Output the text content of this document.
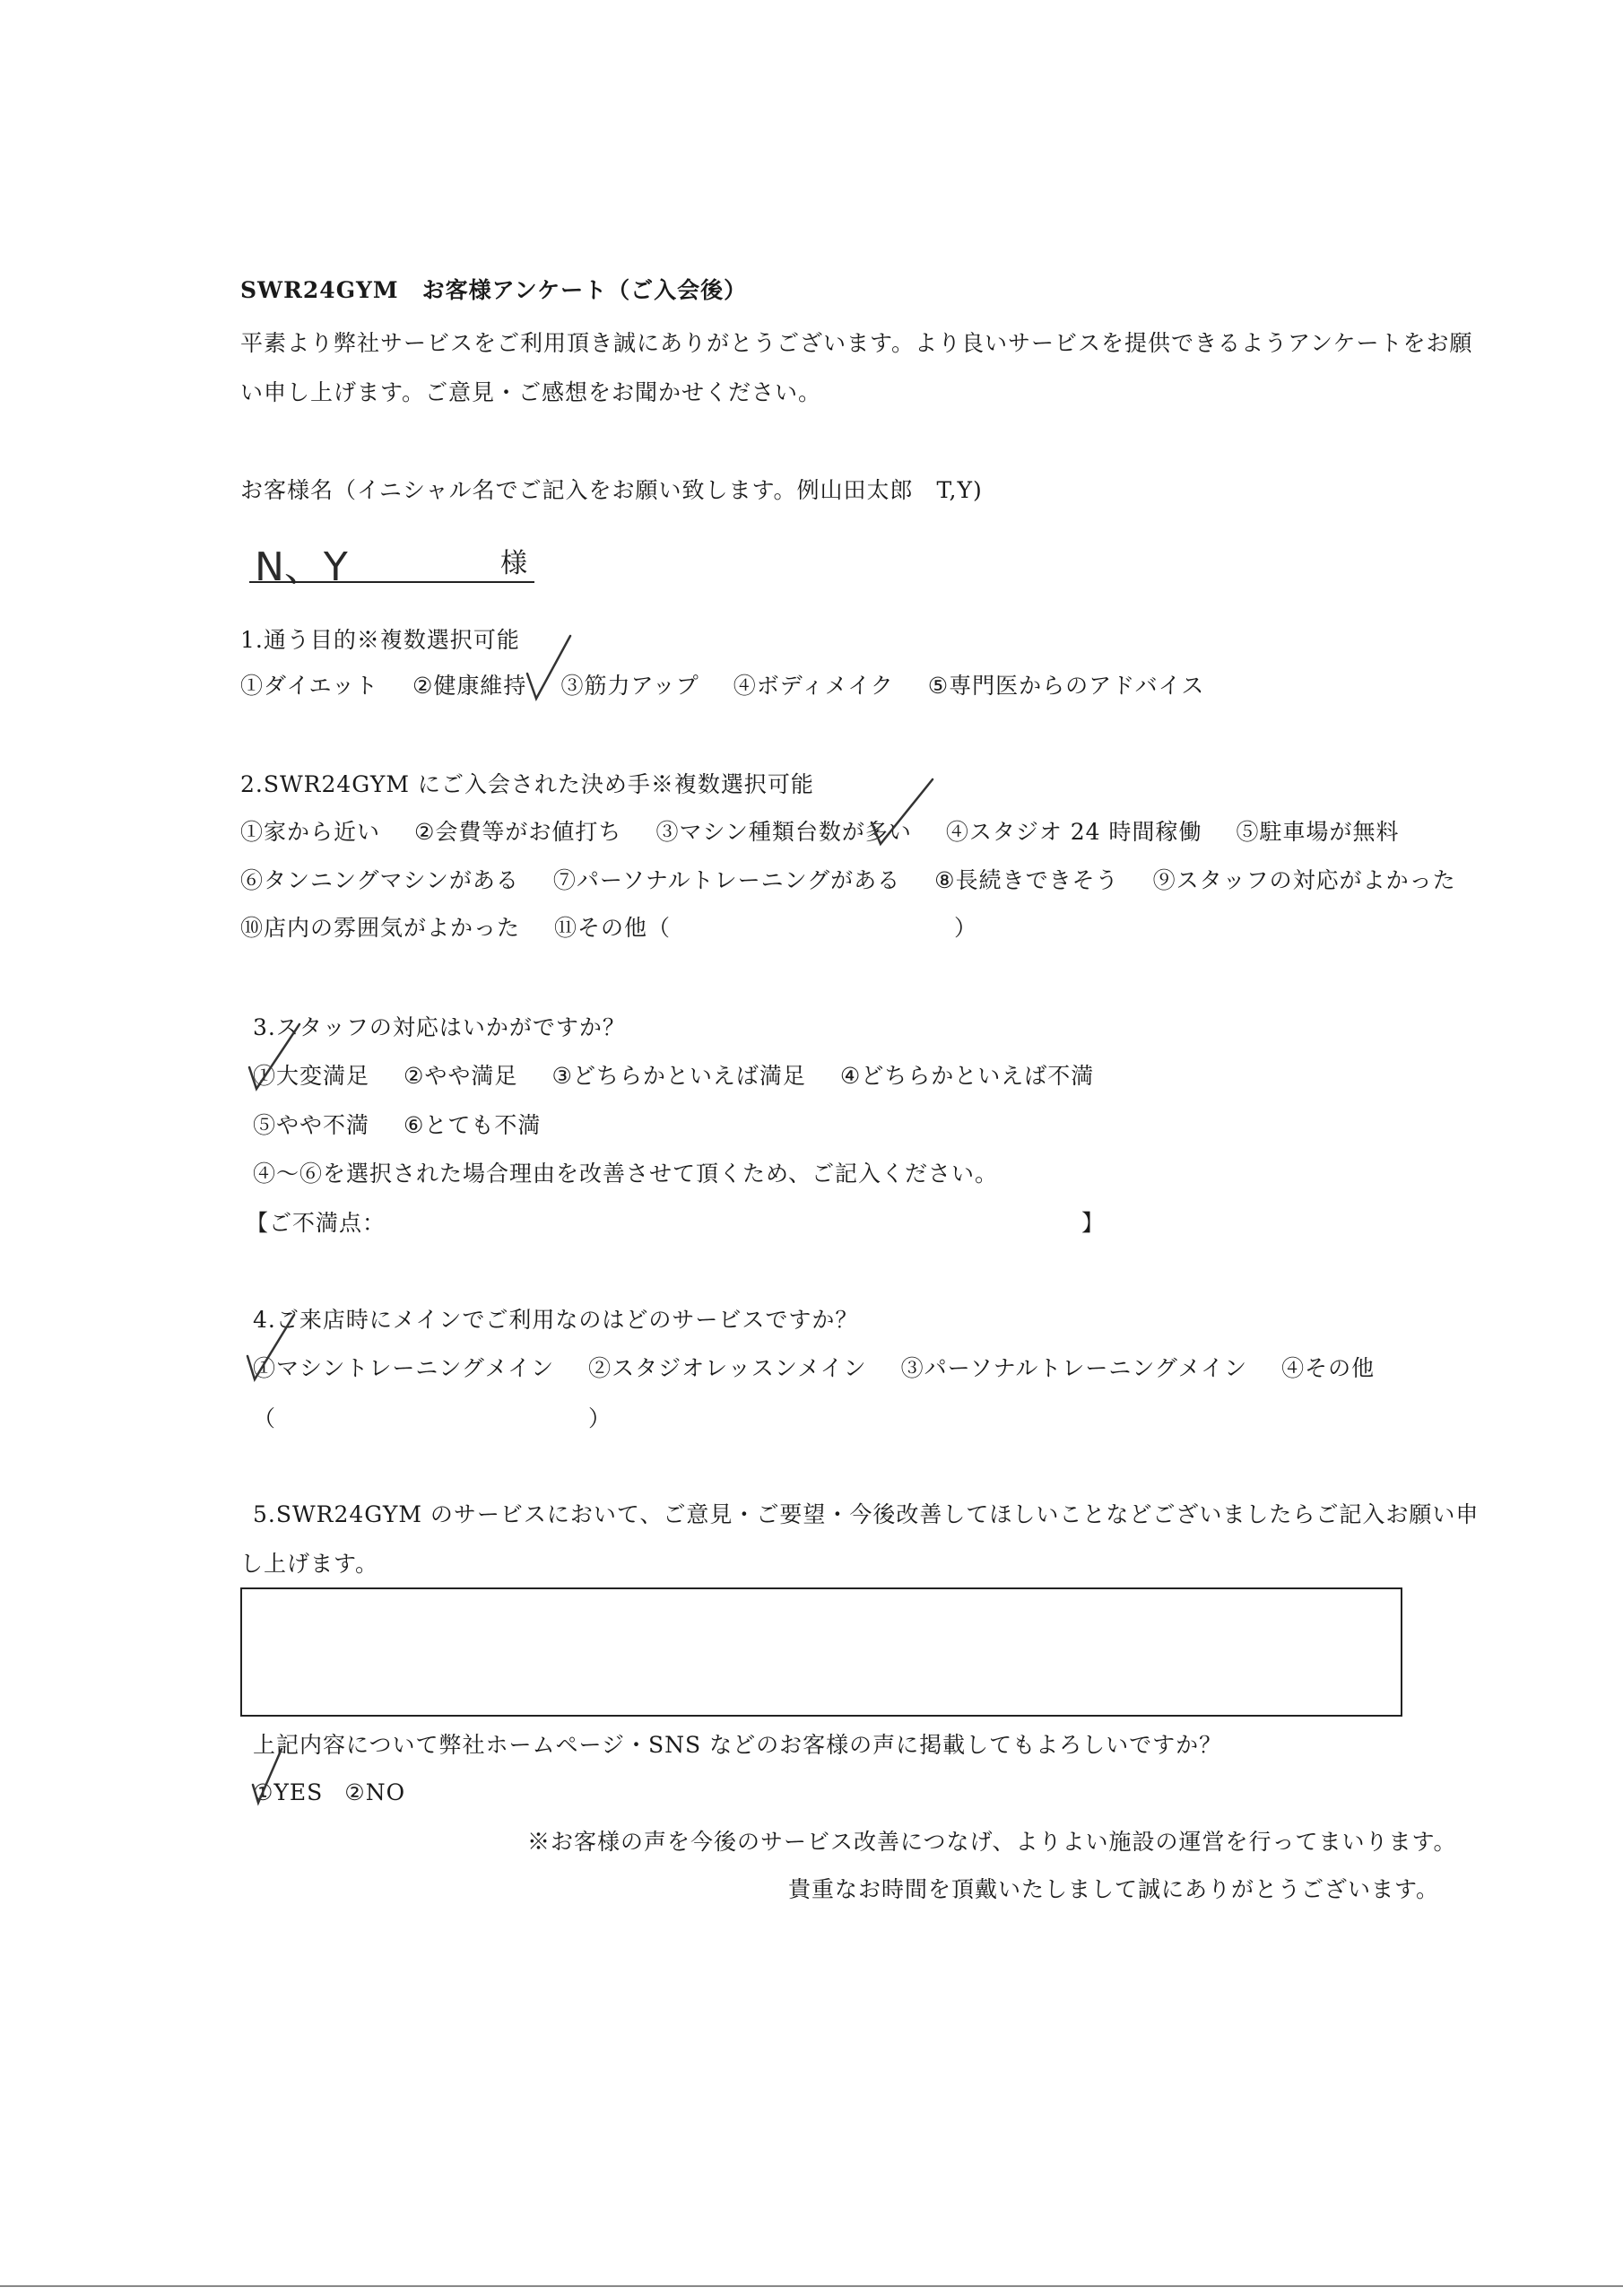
SWR24GYM　お客様アンケート（ご入会後）
平素より弊社サービスをご利用頂き誠にありがとうございます。より良いサービスを提供できるようアンケートをお願
い申し上げます。ご意見・ご感想をお聞かせください。
お客様名（イニシャル名でご記入をお願い致します。例山田太郎　T,Y)
N、Y	様
1.通う目的※複数選択可能
①ダイエット ②健康維持 ③筋力アップ ④ボディメイク ⑤専門医からのアドバイス
2.SWR24GYM にご入会された決め手※複数選択可能
①家から近い ②会費等がお値打ち ③マシン種類台数が多い ④スタジオ 24 時間稼働 ⑤駐車場が無料
⑥タンニングマシンがある ⑦パーソナルトレーニングがある ⑧長続きできそう ⑨スタッフの対応がよかった
⑩店内の雰囲気がよかった ⑪その他（	）
3.スタッフの対応はいかがですか？
①大変満足 ②やや満足 ③どちらかといえば満足 ④どちらかといえば不満
⑤やや不満 ⑥とても不満
④～⑥を選択された場合理由を改善させて頂くため、ご記入ください。
【ご不満点：	】
4.ご来店時にメインでご利用なのはどのサービスですか？
①マシントレーニングメイン ②スタジオレッスンメイン ③パーソナルトレーニングメイン ④その他
（	）
5.SWR24GYM のサービスにおいて、ご意見・ご要望・今後改善してほしいことなどございましたらご記入お願い申
し上げます。
上記内容について弊社ホームページ・SNS などのお客様の声に掲載してもよろしいですか？
①YES ②NO
※お客様の声を今後のサービス改善につなげ、よりよい施設の運営を行ってまいります。
貴重なお時間を頂戴いたしまして誠にありがとうございます。
